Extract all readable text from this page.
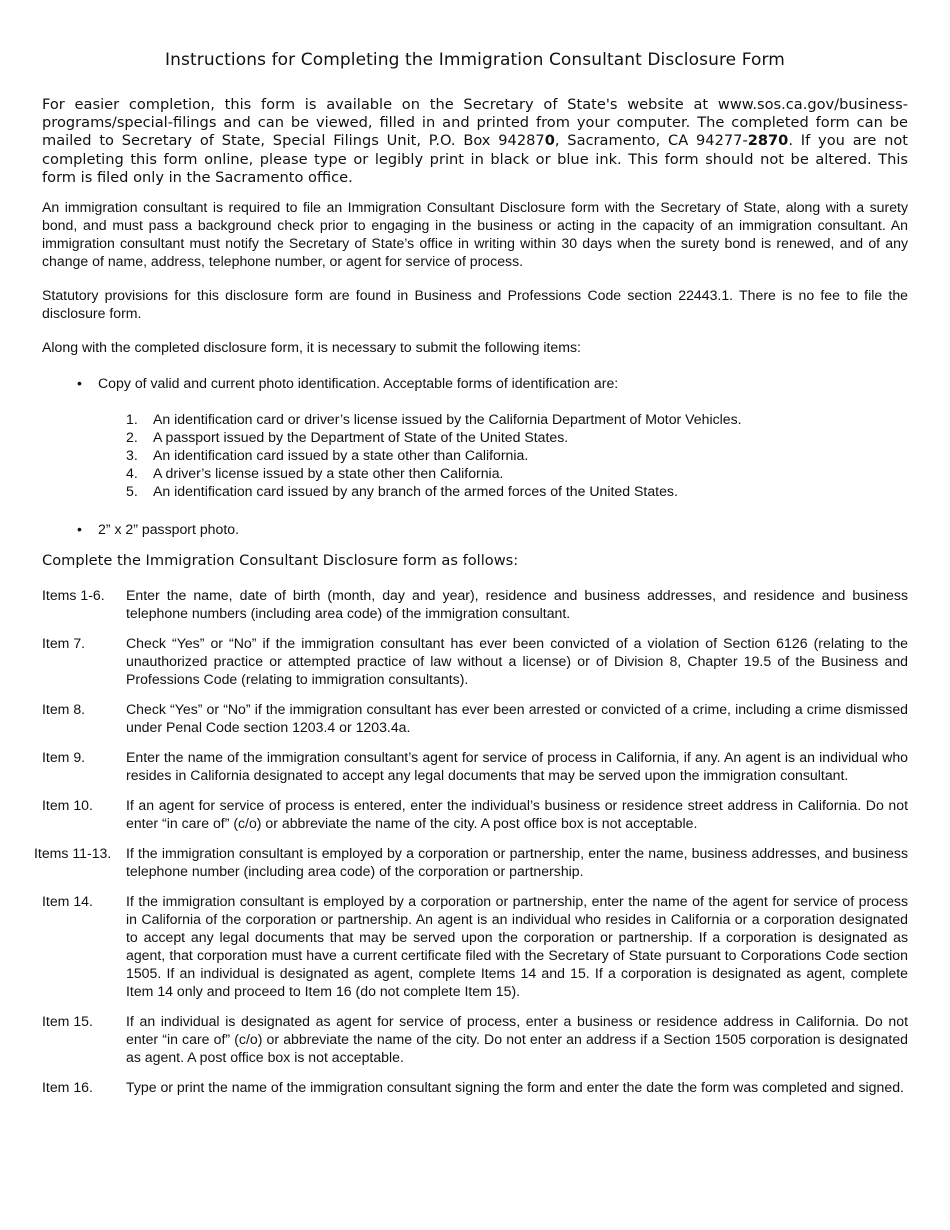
Instructions for Completing the Immigration Consultant Disclosure Form

For easier completion, this form is available on the Secretary of State's website at www.sos.ca.gov/business-programs/special-filings and can be viewed, filled in and printed from your computer. The completed form can be mailed to Secretary of State, Special Filings Unit, P.O. Box 942870, Sacramento, CA 94277-2870. If you are not completing this form online, please type or legibly print in black or blue ink. This form should not be altered. This form is filed only in the Sacramento office.

An immigration consultant is required to file an Immigration Consultant Disclosure form with the Secretary of State, along with a surety bond, and must pass a background check prior to engaging in the business or acting in the capacity of an immigration consultant. An immigration consultant must notify the Secretary of State’s office in writing within 30 days when the surety bond is renewed, and of any change of name, address, telephone number, or agent for service of process.

Statutory provisions for this disclosure form are found in Business and Professions Code section 22443.1. There is no fee to file the disclosure form.

Along with the completed disclosure form, it is necessary to submit the following items:

• Copy of valid and current photo identification. Acceptable forms of identification are:
1. An identification card or driver’s license issued by the California Department of Motor Vehicles.
2. A passport issued by the Department of State of the United States.
3. An identification card issued by a state other than California.
4. A driver’s license issued by a state other then California.
5. An identification card issued by any branch of the armed forces of the United States.
• 2” x 2” passport photo.
Complete the Immigration Consultant Disclosure form as follows:
Items 1-6. Enter the name, date of birth (month, day and year), residence and business addresses, and residence and business telephone numbers (including area code) of the immigration consultant.
Item 7.	Check “Yes” or “No” if the immigration consultant has ever been convicted of a violation of Section 6126 (relating to the unauthorized practice or attempted practice of law without a license) or of Division 8, Chapter 19.5 of the Business and Professions Code (relating to immigration consultants).
Item 8.	Check “Yes” or “No” if the immigration consultant has ever been arrested or convicted of a crime, including a crime dismissed under Penal Code section 1203.4 or 1203.4a.
Item 9.	Enter the name of the immigration consultant’s agent for service of process in California, if any. An agent is an individual who resides in California designated to accept any legal documents that may be served upon the immigration consultant.
Item 10. If an agent for service of process is entered, enter the individual’s business or residence street address in California. Do not enter “in care of” (c/o) or abbreviate the name of the city. A post office box is not acceptable.
Items 11-13. If the immigration consultant is employed by a corporation or partnership, enter the name, business addresses, and business telephone number (including area code) of the corporation or partnership.
Item 14. If the immigration consultant is employed by a corporation or partnership, enter the name of the agent for service of process in California of the corporation or partnership. An agent is an individual who resides in California or a corporation designated to accept any legal documents that may be served upon the corporation or partnership. If a corporation is designated as agent, that corporation must have a current certificate filed with the Secretary of State pursuant to Corporations Code section 1505. If an individual is designated as agent, complete Items 14 and 15. If a corporation is designated as agent, complete Item 14 only and proceed to Item 16 (do not complete Item 15).
Item 15. If an individual is designated as agent for service of process, enter a business or residence address in California. Do not enter “in care of” (c/o) or abbreviate the name of the city. Do not enter an address if a Section 1505 corporation is designated as agent. A post office box is not acceptable.
Item 16. Type or print the name of the immigration consultant signing the form and enter the date the form was completed and signed.
